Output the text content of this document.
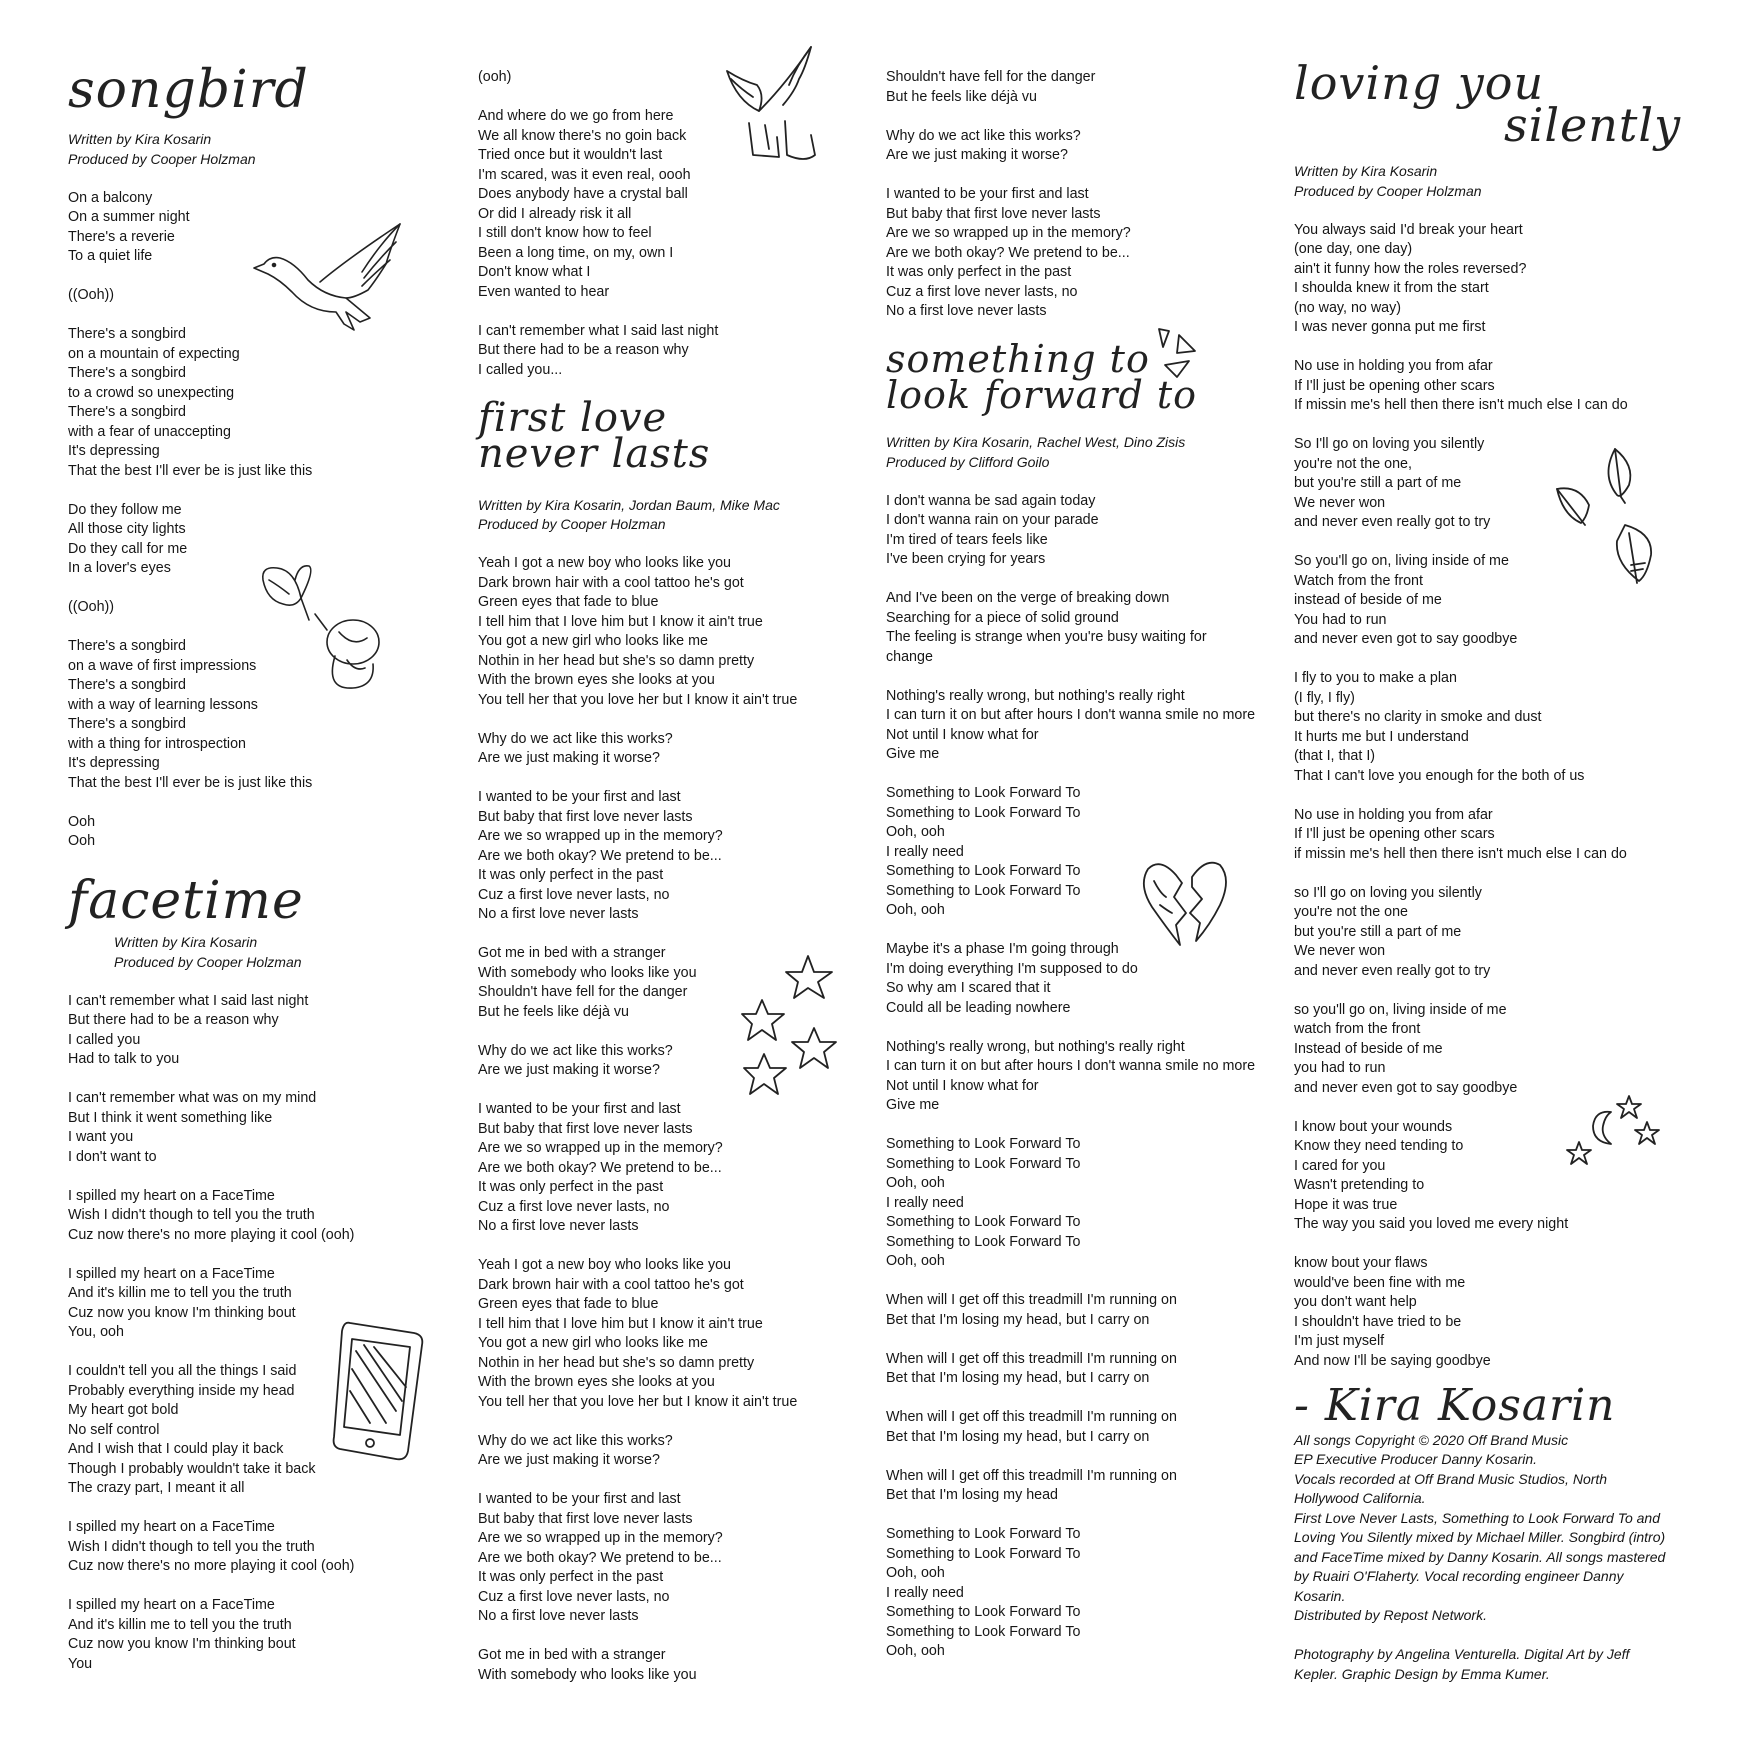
songbird
Written by Kira Kosarin
Produced by Cooper Holzman
On a balcony
On a summer night
There's a reverie
To a quiet life
((Ooh))
There's a songbird
on a mountain of expecting
There's a songbird
to a crowd so unexpecting
There's a songbird
with a fear of unaccepting
It's depressing
That the best I'll ever be is just like this
Do they follow me
All those city lights
Do they call for me
In a lover's eyes
((Ooh))
There's a songbird
on a wave of first impressions
There's a songbird
with a way of learning lessons
There's a songbird
with a thing for introspection
It's depressing
That the best I'll ever be is just like this
Ooh
Ooh
facetime
Written by Kira Kosarin
Produced by Cooper Holzman
I can't remember what I said last night
But there had to be a reason why
I called you
Had to talk to you
I can't remember what was on my mind
But I think it went something like
I want you
I don't want to
I spilled my heart on a FaceTime
Wish I didn't though to tell you the truth
Cuz now there's no more playing it cool (ooh)
I spilled my heart on a FaceTime
And it's killin me to tell you the truth
Cuz now you know I'm thinking bout
You, ooh
I couldn't tell you all the things I said
Probably everything inside my head
My heart got bold
No self control
And I wish that I could play it back
Though I probably wouldn't take it back
The crazy part, I meant it all
I spilled my heart on a FaceTime
Wish I didn't though to tell you the truth
Cuz now there's no more playing it cool (ooh)
I spilled my heart on a FaceTime
And it's killin me to tell you the truth
Cuz now you know I'm thinking bout
You
(ooh)
And where do we go from here
We all know there's no goin back
Tried once but it wouldn't last
I'm scared, was it even real, oooh
Does anybody have a crystal ball
Or did I already risk it all
I still don't know how to feel
Been a long time, on my, own I
Don't know what I
Even wanted to hear
I can't remember what I said last night
But there had to be a reason why
I called you...
first love
never lasts
Written by Kira Kosarin, Jordan Baum, Mike Mac
Produced by Cooper Holzman
Yeah I got a new boy who looks like you
Dark brown hair with a cool tattoo he's got
Green eyes that fade to blue
I tell him that I love him but I know it ain't true
You got a new girl who looks like me
Nothin in her head but she's so damn pretty
With the brown eyes she looks at you
You tell her that you love her but I know it ain't true
Why do we act like this works?
Are we just making it worse?
I wanted to be your first and last
But baby that first love never lasts
Are we so wrapped up in the memory?
Are we both okay? We pretend to be...
It was only perfect in the past
Cuz a first love never lasts, no
No a first love never lasts
Got me in bed with a stranger
With somebody who looks like you
Shouldn't have fell for the danger
But he feels like déjà vu
Why do we act like this works?
Are we just making it worse?
I wanted to be your first and last
But baby that first love never lasts
Are we so wrapped up in the memory?
Are we both okay? We pretend to be...
It was only perfect in the past
Cuz a first love never lasts, no
No a first love never lasts
Yeah I got a new boy who looks like you
Dark brown hair with a cool tattoo he's got
Green eyes that fade to blue
I tell him that I love him but I know it ain't true
You got a new girl who looks like me
Nothin in her head but she's so damn pretty
With the brown eyes she looks at you
You tell her that you love her but I know it ain't true
Why do we act like this works?
Are we just making it worse?
I wanted to be your first and last
But baby that first love never lasts
Are we so wrapped up in the memory?
Are we both okay? We pretend to be...
It was only perfect in the past
Cuz a first love never lasts, no
No a first love never lasts
Got me in bed with a stranger
With somebody who looks like you
Shouldn't have fell for the danger
But he feels like déjà vu
Why do we act like this works?
Are we just making it worse?
I wanted to be your first and last
But baby that first love never lasts
Are we so wrapped up in the memory?
Are we both okay? We pretend to be...
It was only perfect in the past
Cuz a first love never lasts, no
No a first love never lasts
something to
look forward to
Written by Kira Kosarin, Rachel West, Dino Zisis
Produced by Clifford Goilo
I don't wanna be sad again today
I don't wanna rain on your parade
I'm tired of tears feels like
I've been crying for years
And I've been on the verge of breaking down
Searching for a piece of solid ground
The feeling is strange when you're busy waiting for change
Nothing's really wrong, but nothing's really right
I can turn it on but after hours I don't wanna smile no more
Not until I know what for
Give me
Something to Look Forward To
Something to Look Forward To
Ooh, ooh
I really need
Something to Look Forward To
Something to Look Forward To
Ooh, ooh
Maybe it's a phase I'm going through
I'm doing everything I'm supposed to do
So why am I scared that it
Could all be leading nowhere
Nothing's really wrong, but nothing's really right
I can turn it on but after hours I don't wanna smile no more
Not until I know what for
Give me
Something to Look Forward To
Something to Look Forward To
Ooh, ooh
I really need
Something to Look Forward To
Something to Look Forward To
Ooh, ooh
When will I get off this treadmill I'm running on
Bet that I'm losing my head, but I carry on
When will I get off this treadmill I'm running on
Bet that I'm losing my head, but I carry on
When will I get off this treadmill I'm running on
Bet that I'm losing my head, but I carry on
When will I get off this treadmill I'm running on
Bet that I'm losing my head
Something to Look Forward To
Something to Look Forward To
Ooh, ooh
I really need
Something to Look Forward To
Something to Look Forward To
Ooh, ooh
loving you
silently
Written by Kira Kosarin
Produced by Cooper Holzman
You always said I'd break your heart
(one day, one day)
ain't it funny how the roles reversed?
I shoulda knew it from the start
(no way, no way)
I was never gonna put me first
No use in holding you from afar
If I'll just be opening other scars
If missin me's hell then there isn't much else I can do
So I'll go on loving you silently
you're not the one,
but you're still a part of me
We never won
and never even really got to try
So you'll go on, living inside of me
Watch from the front
instead of beside of me
You had to run
and never even got to say goodbye
I fly to you to make a plan
(I fly, I fly)
but there's no clarity in smoke and dust
It hurts me but I understand
(that I, that I)
That I can't love you enough for the both of us
No use in holding you from afar
If I'll just be opening other scars
if missin me's hell then there isn't much else I can do
so I'll go on loving you silently
you're not the one
but you're still a part of me
We never won
and never even really got to try
so you'll go on, living inside of me
watch from the front
Instead of beside of me
you had to run
and never even got to say goodbye
I know bout your wounds
Know they need tending to
I cared for you
Wasn't pretending to
Hope it was true
The way you said you loved me every night
know bout your flaws
would've been fine with me
you don't want help
I shouldn't have tried to be
I'm just myself
And now I'll be saying goodbye
- Kira Kosarin
All songs Copyright © 2020 Off Brand Music
EP Executive Producer Danny Kosarin.
Vocals recorded at Off Brand Music Studios, North Hollywood California.
First Love Never Lasts, Something to Look Forward To and Loving You Silently mixed by Michael Miller. Songbird (intro) and FaceTime mixed by Danny Kosarin. All songs mastered by Ruairi O'Flaherty. Vocal recording engineer Danny Kosarin.
Distributed by Repost Network.
Photography by Angelina Venturella. Digital Art by Jeff Kepler. Graphic Design by Emma Kumer.
